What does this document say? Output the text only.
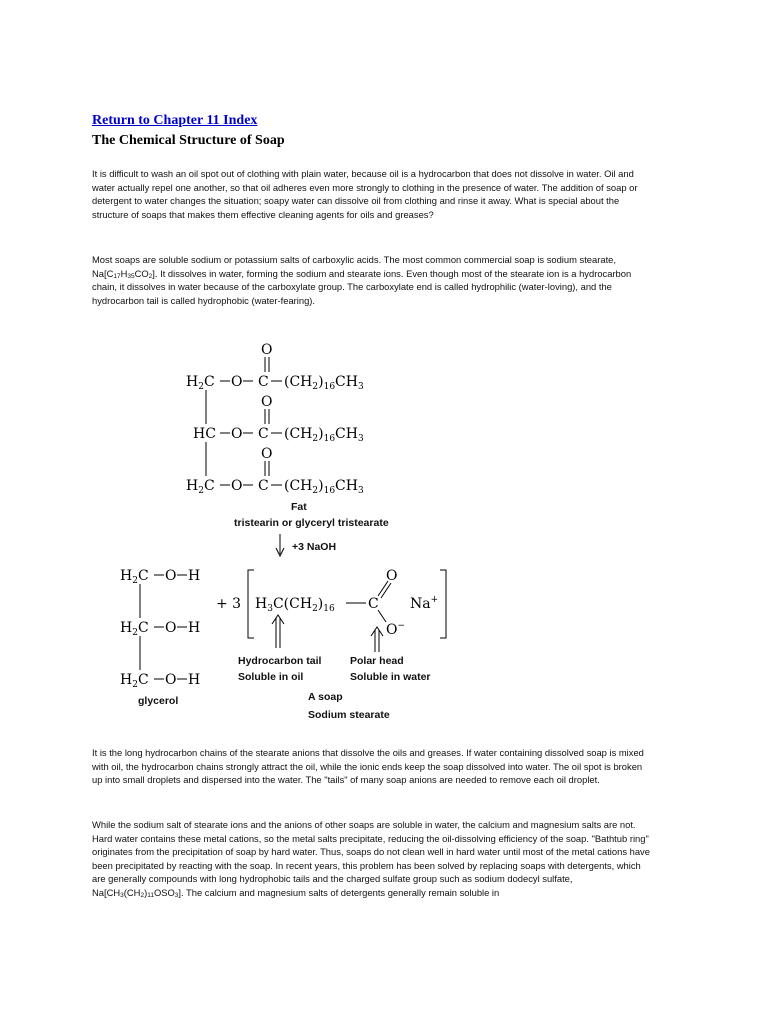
Return to Chapter 11 Index
The Chemical Structure of Soap

It is difficult to wash an oil spot out of clothing with plain water, because oil is a hydrocarbon that does not dissolve in water. Oil and water actually repel one another, so that oil adheres even more strongly to clothing in the presence of water. The addition of soap or detergent to water changes the situation; soapy water can dissolve oil from clothing and rinse it away. What is special about the structure of soaps that makes them effective cleaning agents for oils and greases?

Most soaps are soluble sodium or potassium salts of carboxylic acids. The most common commercial soap is sodium stearate, $Na[C_{17}H_{35}CO_2]$. It dissolves in water, forming the sodium and stearate ions. Even though most of the stearate ion is a hydrocarbon chain, it dissolves in water because of the carboxylate group. The carboxylate end is called hydrophilic (water-loving), and the hydrocarbon tail is called hydrophobic (water-fearing).

O
$H_2C$ O C $(CH_2)_{16}CH_3$
O
HC O C $(CH_2)_{16}CH_3$
O
$H_2C$ O C $(CH_2)_{16}CH_3$
Fat
tristearin or glyceryl tristearate
+3 NaOH
$H_2C$ O H
$H_2C$ O H
$H_2C$ O H
glycerol
+ 3 $H_3C(CH_2)_{16}$ C
O
O−
Na+
Hydrocarbon tail
Soluble in oil
Polar head
Soluble in water
A soap
Sodium stearate

It is the long hydrocarbon chains of the stearate anions that dissolve the oils and greases. If water containing dissolved soap is mixed with oil, the hydrocarbon chains strongly attract the oil, while the ionic ends keep the soap dissolved into water. The oil spot is broken up into small droplets and dispersed into the water. The "tails" of many soap anions are needed to remove each oil droplet.

While the sodium salt of stearate ions and the anions of other soaps are soluble in water, the calcium and magnesium salts are not. Hard water contains these metal cations, so the metal salts precipitate, reducing the oil-dissolving efficiency of the soap. "Bathtub ring" originates from the precipitation of soap by hard water. Thus, soaps do not clean well in hard water until most of the metal cations have been precipitated by reacting with the soap. In recent years, this problem has been solved by replacing soaps with detergents, which are generally compounds with long hydrophobic tails and the charged sulfate group such as sodium dodecyl sulfate, $Na[CH_3(CH_2)_{11}OSO_3]$. The calcium and magnesium salts of detergents generally remain soluble in
